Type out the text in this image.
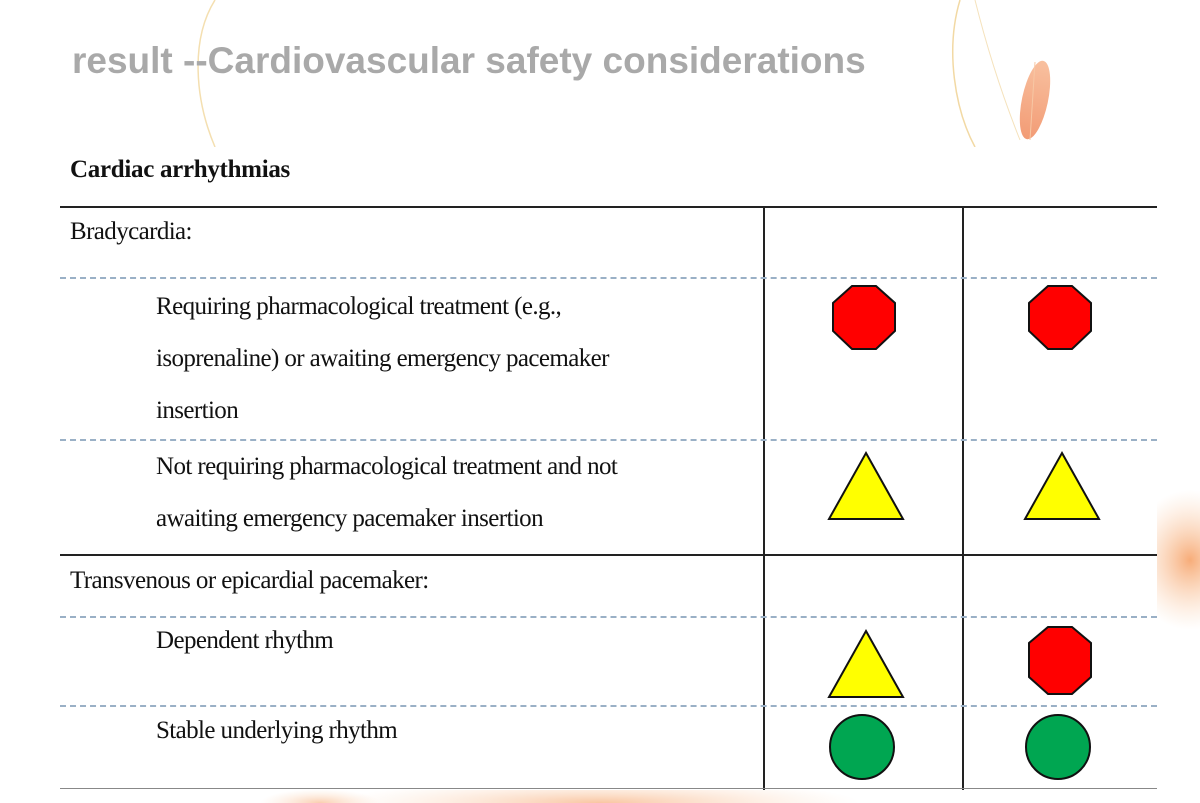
result --Cardiovascular safety considerations

Cardiac arrhythmias

Bradycardia:

Requiring pharmacological treatment (e.g.,
isoprenaline) or awaiting emergency pacemaker
insertion
Not requiring pharmacological treatment and not
awaiting emergency pacemaker insertion

Transvenous or epicardial pacemaker:

Dependent rhythm
Stable underlying rhythm
